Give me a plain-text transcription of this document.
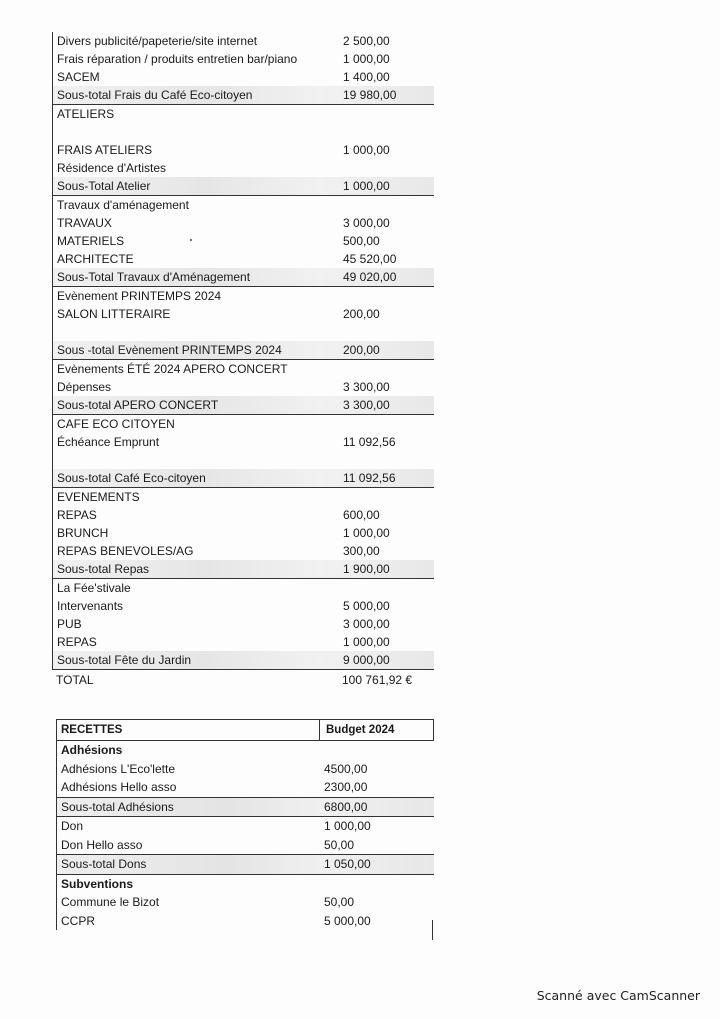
Divers publicité/papeterie/site internet	2 500,00
Frais réparation / produits entretien bar/piano	1 000,00
SACEM	1 400,00
Sous-total Frais du Café Eco-citoyen	19 980,00
ATELIERS
FRAIS ATELIERS	1 000,00
Résidence d'Artistes
Sous-Total Atelier	1 000,00
Travaux d'aménagement
TRAVAUX	3 000,00
MATERIELS	500,00
ARCHITECTE	45 520,00
Sous-Total Travaux d'Aménagement	49 020,00
Evènement PRINTEMPS 2024
SALON LITTERAIRE	200,00
Sous -total Evènement PRINTEMPS 2024	200,00
Evènements ÉTÉ 2024 APERO CONCERT
Dépenses	3 300,00
Sous-total APERO CONCERT	3 300,00
CAFE ECO CITOYEN
Échéance Emprunt	11 092,56
Sous-total Café Eco-citoyen	11 092,56
EVENEMENTS
REPAS	600,00
BRUNCH	1 000,00
REPAS BENEVOLES/AG	300,00
Sous-total Repas	1 900,00
La Fée'stivale
Intervenants	5 000,00
PUB	3 000,00
REPAS	1 000,00
Sous-total Fête du Jardin	9 000,00
TOTAL	100 761,92 €
RECETTES	Budget 2024
Adhésions
Adhésions L'Eco'lette	4500,00
Adhésions Hello asso	2300,00
Sous-total Adhésions	6800,00
Don	1 000,00
Don Hello asso	50,00
Sous-total Dons	1 050,00
Subventions
Commune le Bizot	50,00
CCPR	5 000,00
Scanné avec CamScanner
